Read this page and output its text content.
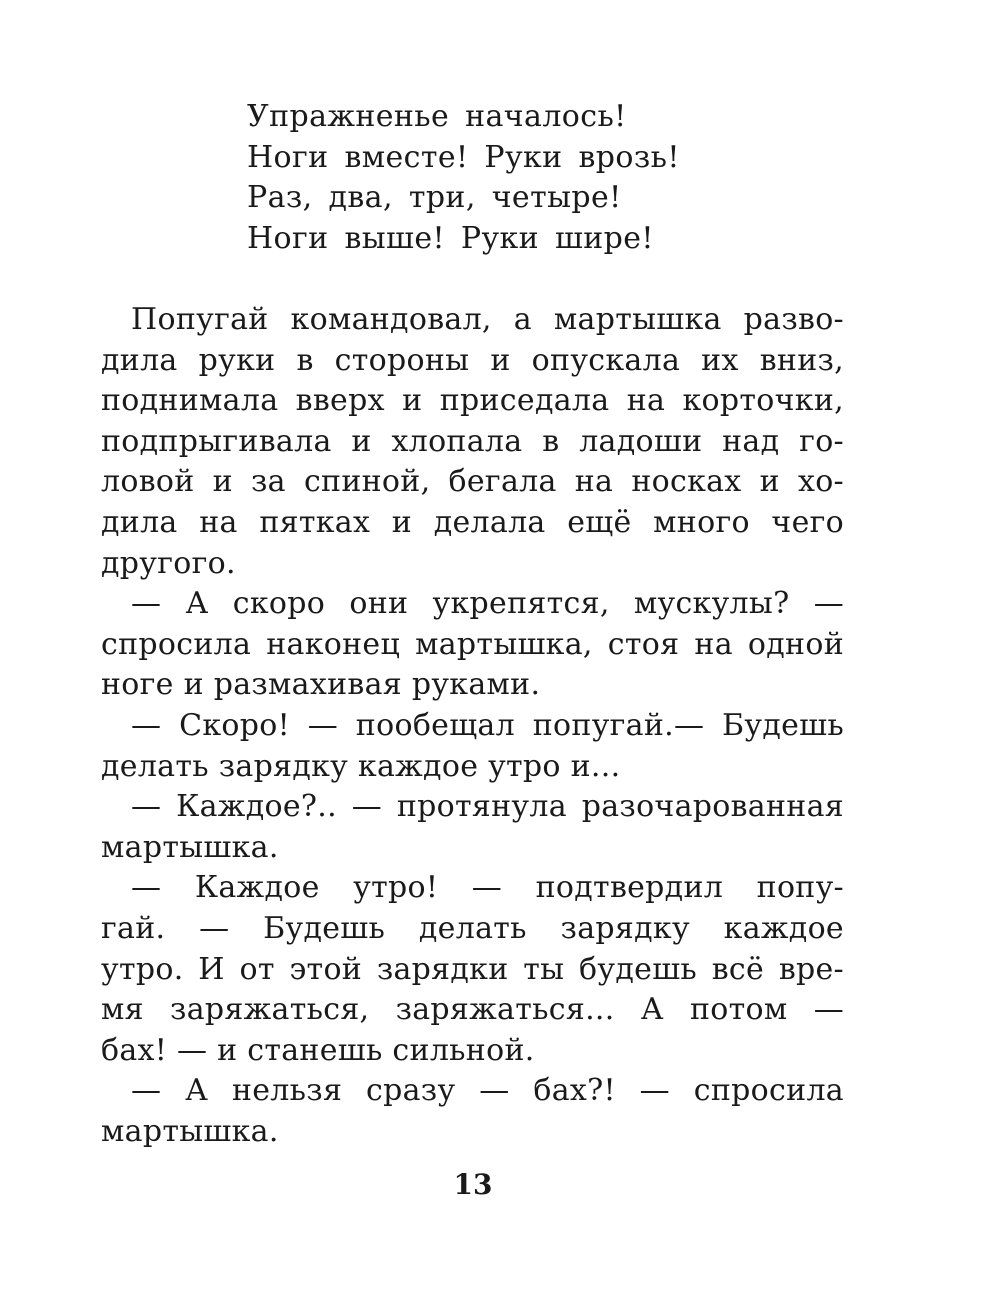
Упражненье началось!
Ноги вместе! Руки врозь!
Раз, два, три, четыре!
Ноги выше! Руки шире!
Попугай командовал, а мартышка разво-
дила руки в стороны и опускала их вниз,
поднимала вверх и приседала на корточки,
подпрыгивала и хлопала в ладоши над го-
ловой и за спиной, бегала на носках и хо-
дила на пятках и делала ещё много чего
другого.
— А скоро они укрепятся, мускулы? —
спросила наконец мартышка, стоя на одной
ноге и размахивая руками.
— Скоро! — пообещал попугай.— Будешь
делать зарядку каждое утро и...
— Каждое?.. — протянула разочарованная
мартышка.
— Каждое утро! — подтвердил попу-
гай. — Будешь делать зарядку каждое
утро. И от этой зарядки ты будешь всё вре-
мя заряжаться, заряжаться... А потом —
бах! — и станешь сильной.
— А нельзя сразу — бах?! — спросила
мартышка.
13
